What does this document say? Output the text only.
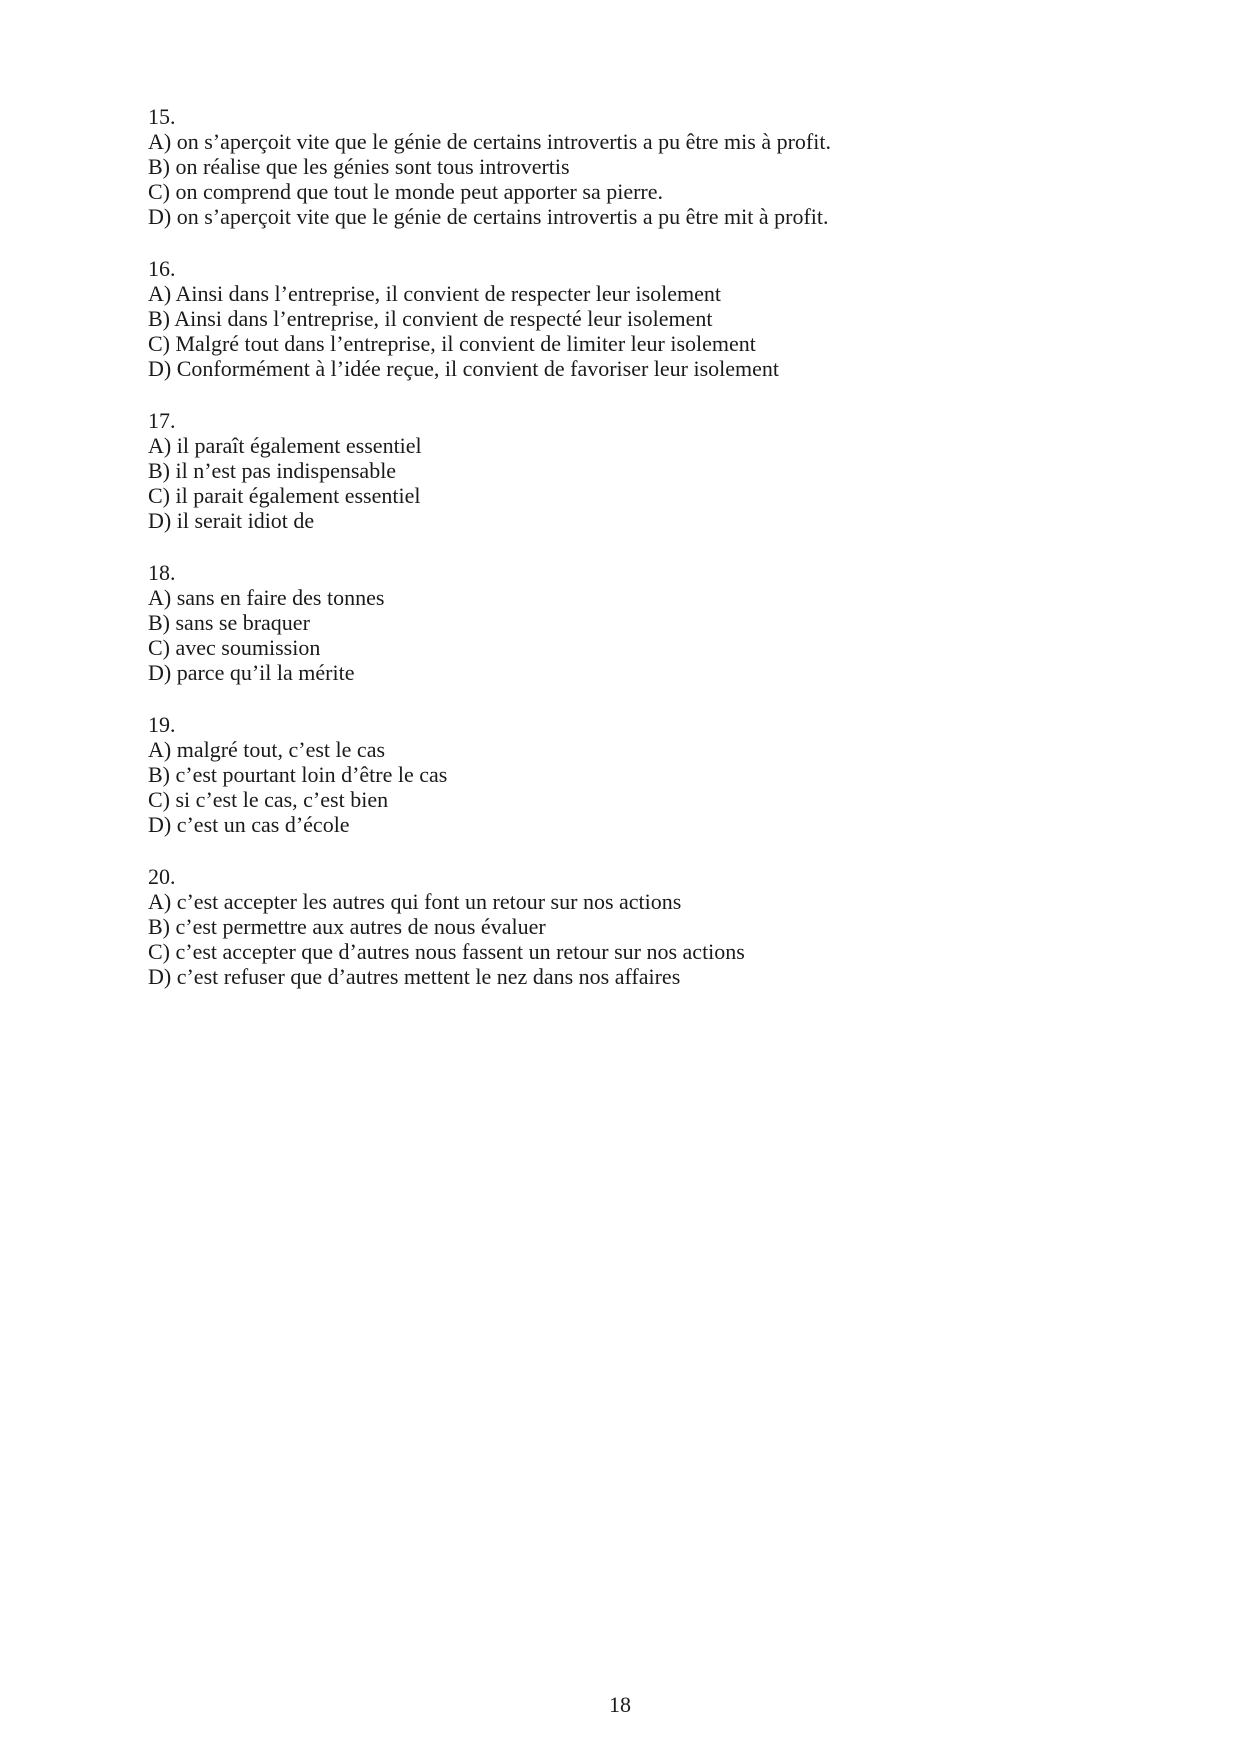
15.
A) on s’aperçoit vite que le génie de certains introvertis a pu être mis à profit.
B) on réalise que les génies sont tous introvertis
C) on comprend que tout le monde peut apporter sa pierre.
D) on s’aperçoit vite que le génie de certains introvertis a pu être mit à profit.
16.
A) Ainsi dans l’entreprise, il convient de respecter leur isolement
B) Ainsi dans l’entreprise, il convient de respecté leur isolement
C) Malgré tout dans l’entreprise, il convient de limiter leur isolement
D) Conformément à l’idée reçue, il convient de favoriser leur isolement
17.
A) il paraît également essentiel
B) il n’est pas indispensable
C) il parait également essentiel
D) il serait idiot de
18.
A) sans en faire des tonnes
B) sans se braquer
C) avec soumission
D) parce qu’il la mérite
19.
A) malgré tout, c’est le cas
B) c’est pourtant loin d’être le cas
C) si c’est le cas, c’est bien
D) c’est un cas d’école
20.
A) c’est accepter les autres qui font un retour sur nos actions
B) c’est permettre aux autres de nous évaluer
C) c’est accepter que d’autres nous fassent un retour sur nos actions
D) c’est refuser que d’autres mettent le nez dans nos affaires
18
